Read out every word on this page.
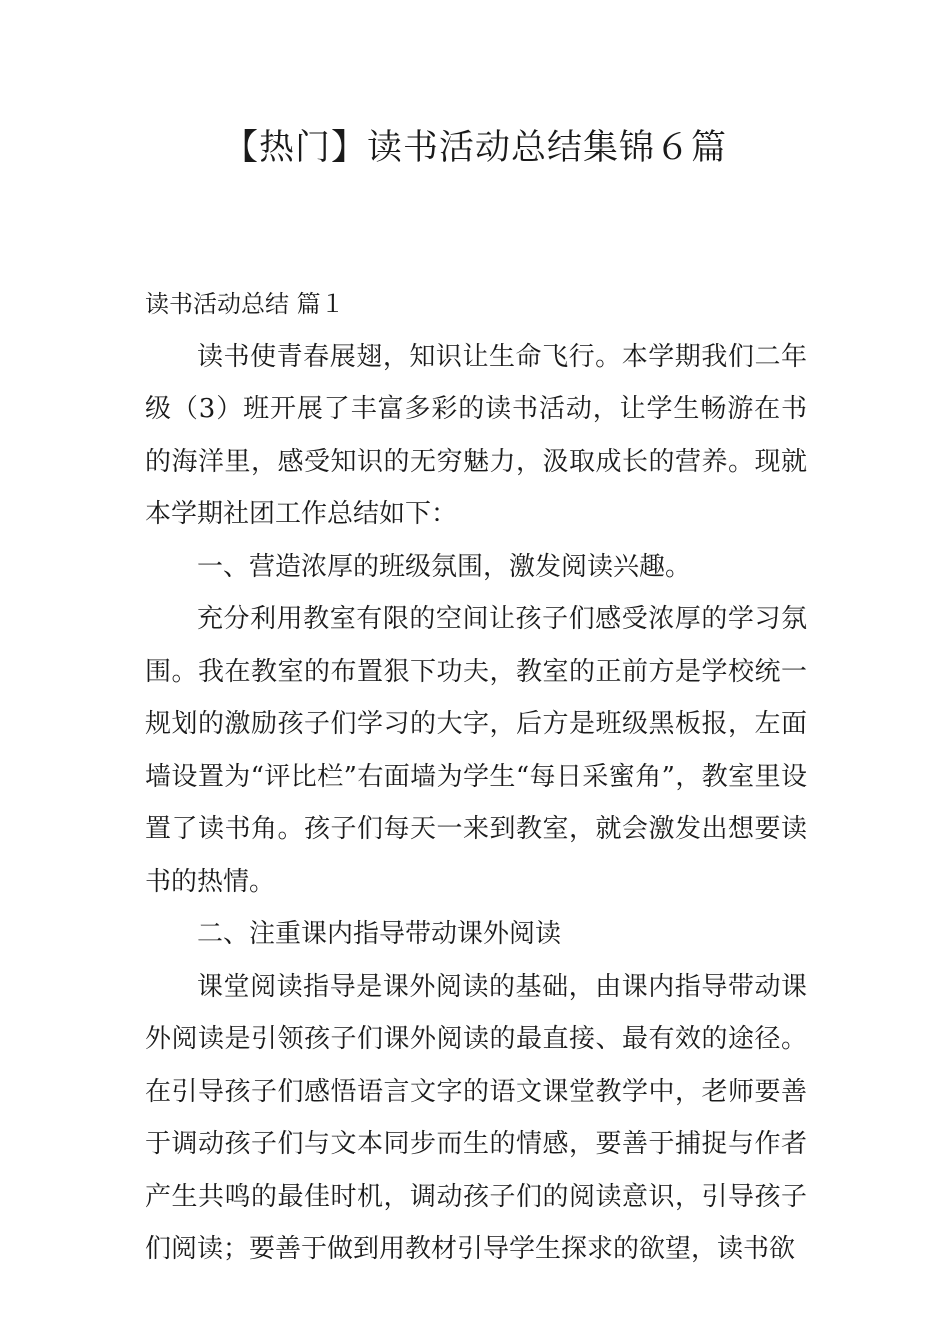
【热门】读书活动总结集锦６篇
读书活动总结 篇１

读书使青春展翅，知识让生命飞行。本学期我们二年级（3）班开展了丰富多彩的读书活动，让学生畅游在书的海洋里，感受知识的无穷魅力，汲取成长的营养。现就本学期社团工作总结如下：

一、营造浓厚的班级氛围，激发阅读兴趣。

充分利用教室有限的空间让孩子们感受浓厚的学习氛围。我在教室的布置狠下功夫，教室的正前方是学校统一规划的激励孩子们学习的大字，后方是班级黑板报，左面墙设置为“评比栏”右面墙为学生“每日采蜜角”，教室里设置了读书角。孩子们每天一来到教室，就会激发出想要读书的热情。

二、注重课内指导带动课外阅读

课堂阅读指导是课外阅读的基础，由课内指导带动课外阅读是引领孩子们课外阅读的最直接、最有效的途径。在引导孩子们感悟语言文字的语文课堂教学中，老师要善于调动孩子们与文本同步而生的情感，要善于捕捉与作者产生共鸣的最佳时机，调动孩子们的阅读意识，引导孩子们阅读；要善于做到用教材引导学生探求的欲望，读书欲
